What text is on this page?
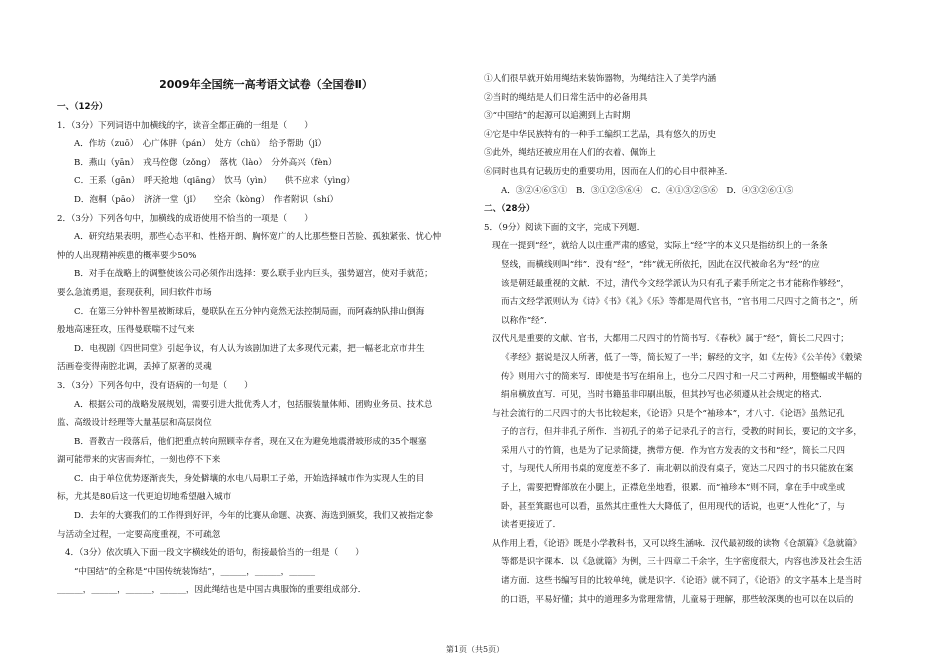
2009年全国统一高考语文试卷（全国卷Ⅱ）
一、（12分）
1．（3分）下列词语中加横线的字，读音全都正确的一组是（　　）
A．作坊（zuō）　心广体胖（pán）　处方（chǔ）　给予帮助（jǐ）
B．燕山（yān）　戎马倥偬（zǒng）　落枕（lào）　分外高兴（fèn）
C．王系（gān）　呼天抢地（qiāng）　饮马（yìn）　　供不应求（yìng）
D．泡桐（pāo）　济济一堂（jǐ）　　空余（kòng）　作者附识（shí）
2．（3分）下列各句中，加横线的成语使用不恰当的一项是（　　）
A．研究结果表明，那些心态平和、性格开朗、胸怀宽广的人比那些整日苦脸、孤独紧张、忧心忡
忡的人出现精神疾患的概率要少50%
B．对手在战略上的调整使该公司必须作出选择：要么联手业内巨头，强势逼宫，使对手就范；
要么急流勇退，套现获利，回归软件市场
C．在第三分钟朴智星被断球后，曼联队在五分钟内竟然无法控制局面，而阿森纳队排山倒海
般地高速狂攻，压得曼联喘不过气来
D．电视剧《四世同堂》引起争议，有人认为该剧加进了太多现代元素，把一幅老北京市井生
活画卷变得南腔北调，丢掉了原著的灵魂
3．（3分）下列各句中，没有语病的一句是（　　）
A．根据公司的战略发展规划，需要引进大批优秀人才，包括服装量体师、团购业务员、技术总
监、高级设计经理等大量基层和高层岗位
B．晋教吉一段落后，他们把重点转向照顾幸存者，现在又在为避免地震滑坡形成的35个堰塞
湖可能带来的灾害而奔忙，一刻也停不下来
C．由于单位优势逐渐丧失，身处僻壤的水电八局职工子弟，开始选择城市作为实现人生的目
标，尤其是80后这一代更迫切地希望融入城市
D．去年的大赛我们的工作得到好评，今年的比赛从命题、决赛、海选到颁奖，我们又被指定参
与活动全过程，一定要高度重视，不可疏忽
4．（3分）依次填入下面一段文字横线处的语句，衔接最恰当的一组是（　　）
“中国结”的全称是“中国传统装饰结”，______，______，______
______，______，______，______，因此绳结也是中国古典服饰的重要组成部分．
①人们很早就开始用绳结来装饰器物，为绳结注入了美学内涵
②当时的绳结是人们日常生活中的必备用具
③“中国结”的起源可以追溯到上古时期
④它是中华民族特有的一种手工编织工艺品，具有悠久的历史
⑤此外，绳结还被应用在人们的衣着、佩饰上
⑥同时也具有记载历史的重要功用，因而在人们的心目中很神圣．
A．③②④⑥⑤①　B．③①②⑤⑥④　C．④①③②⑤⑥　D．④③②⑥①⑤
二、（28分）
5．（9分）阅读下面的文字，完成下列题．
现在一提到“经”，就给人以庄重严肃的感觉，实际上“经”字的本义只是指纺织上的一条条
竖线，而横线则叫“纬”．没有“经”，“纬”就无所依托，因此在汉代被命名为“经”的应
该是朝廷最重视的文献．不过，清代今文经学派认为只有孔子素手所定之书才能称作够经”，
而古文经学派则认为《诗》《书》《礼》《乐》等都是周代官书，“官书用二尺四寸之简书之”，所
以称作“经”．
汉代凡是重要的文献、官书，大都用二尺四寸的竹简书写．《春秋》属于“经”，简长二尺四寸；
《孝经》据说是汉人所著，低了一等，简长短了一半；解经的文字，如《左传》《公羊传》《穀梁
传》则用六寸的简来写．即使是书写在绢帛上，也分二尺四寸和一尺二寸两种，用整幅或半幅的
绢帛横放直写．可见，当时书籍虽非印刷出版，但其抄写也必须遵从社会规定的格式．
与社会流行的二尺四寸的大书比较起来，《论语》只是个“袖珍本”，才八寸．《论语》虽然记孔
子的言行，但并非孔子所作．当初孔子的弟子记录孔子的言行，受教的时间长，要记的文字多，
采用八寸的竹简，也是为了记录简捷，携带方便．作为官方发表的文书和“经”，简长二尺四
寸，与现代人所用书桌的宽度差不多了．南北朝以前没有桌子，宽达二尺四寸的书只能放在案
子上，需要把臀部放在小腿上，正襟危坐地看，很累．而“袖珍本”则不同，拿在手中或坐或
卧，甚至箕踞也可以看，虽然其庄重性大大降低了，但用现代的话说，也更“人性化”了，与
读者更接近了．
从作用上看，《论语》既是小学教科书，又可以终生涵咏．汉代最初级的读物《仓颉篇》《急就篇》
等都是识字课本．以《急就篇》为例，三十四章二千余字，生字密度很大，内容也涉及社会生活
诸方面．这些书编写目的比较单纯，就是识字．《论语》就不同了，《论语》的文字基本上是当时
的口语，平易好懂；其中的道理多为常理常情，儿童易于理解，那些较深奥的也可以在以后的
第1页（共5页）
